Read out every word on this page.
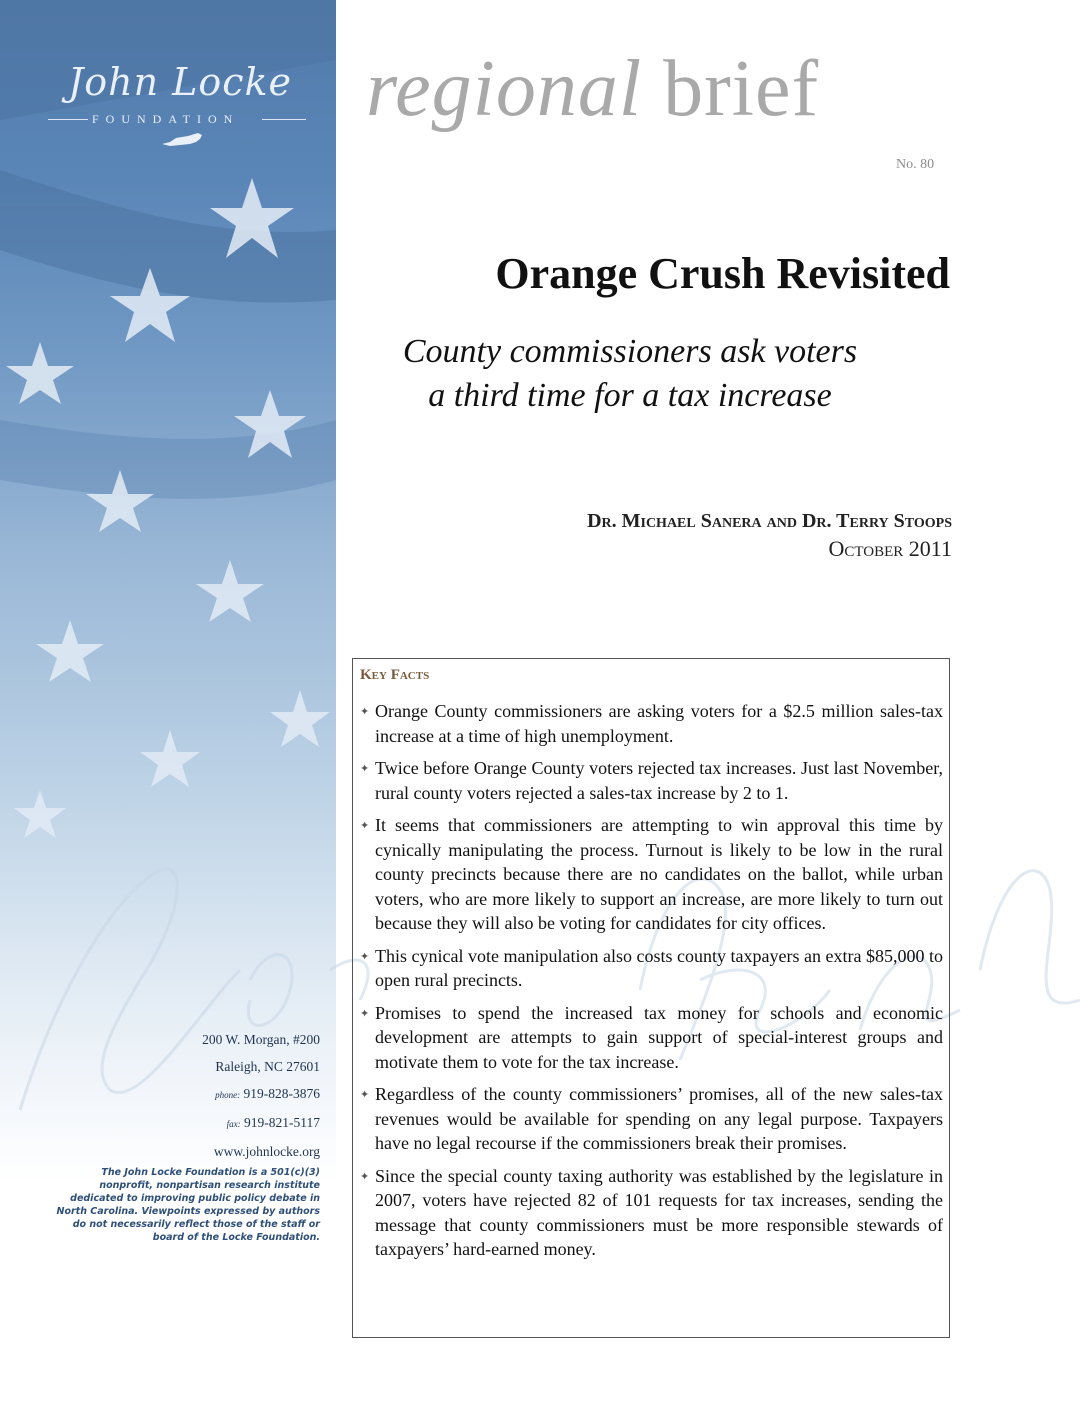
John Locke
FOUNDATION
200 W. Morgan, #200
Raleigh, NC 27601
phone: 919-828-3876
fax: 919-821-5117
www.johnlocke.org
The John Locke Foundation is a 501(c)(3) nonprofit, nonpartisan research institute dedicated to improving public policy debate in North Carolina. Viewpoints expressed by authors do not necessarily reflect those of the staff or board of the Locke Foundation.
regional brief
No. 80
Orange Crush Revisited
County commissioners ask voters
a third time for a tax increase
Dr. Michael Sanera and Dr. Terry Stoops
October 2011
Key Facts
✦ Orange County commissioners are asking voters for a $2.5 million sales-tax increase at a time of high unemployment.
✦ Twice before Orange County voters rejected tax increases. Just last November, rural county voters rejected a sales-tax increase by 2 to 1.
✦ It seems that commissioners are attempting to win approval this time by cynically manipulating the process. Turnout is likely to be low in the rural county precincts because there are no candidates on the ballot, while urban voters, who are more likely to support an increase, are more likely to turn out because they will also be voting for candidates for city offices.
✦ This cynical vote manipulation also costs county taxpayers an extra $85,000 to open rural precincts.
✦ Promises to spend the increased tax money for schools and economic development are attempts to gain support of special-interest groups and motivate them to vote for the tax increase.
✦ Regardless of the county commissioners’ promises, all of the new sales-tax revenues would be available for spending on any legal purpose. Taxpayers have no legal recourse if the commissioners break their promises.
✦ Since the special county taxing authority was established by the legislature in 2007, voters have rejected 82 of 101 requests for tax increases, sending the message that county commissioners must be more responsible stewards of taxpayers’ hard-earned money.
